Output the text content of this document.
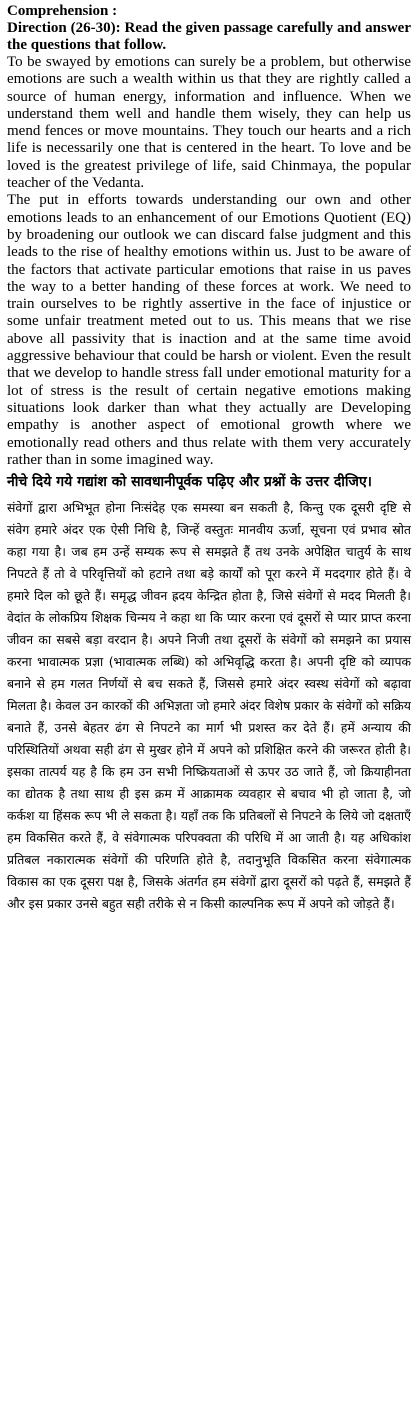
Comprehension :

Direction (26-30): Read the given passage carefully and answer the questions that follow.

To be swayed by emotions can surely be a problem, but otherwise emotions are such a wealth within us that they are rightly called a source of human energy, information and influence. When we understand them well and handle them wisely, they can help us mend fences or move mountains. They touch our hearts and a rich life is necessarily one that is centered in the heart. To love and be loved is the greatest privilege of life, said Chinmaya, the popular teacher of the Vedanta.

The put in efforts towards understanding our own and other emotions leads to an enhancement of our Emotions Quotient (EQ) by broadening our outlook we can discard false judgment and this leads to the rise of healthy emotions within us. Just to be aware of the factors that activate particular emotions that raise in us paves the way to a better handing of these forces at work. We need to train ourselves to be rightly assertive in the face of injustice or some unfair treatment meted out to us. This means that we rise above all passivity that is inaction and at the same time avoid aggressive behaviour that could be harsh or violent. Even the result that we develop to handle stress fall under emotional maturity for a lot of stress is the result of certain negative emotions making situations look darker than what they actually are Developing empathy is another aspect of emotional growth where we emotionally read others and thus relate with them very accurately rather than in some imagined way.

नीचे दिये गये गद्यांश को सावधानीपूर्वक पढ़िए और प्रश्नों के उत्तर दीजिए।

संवेगों द्वारा अभिभूत होना निःसंदेह एक समस्या बन सकती है, किन्तु एक दूसरी दृष्टि से संवेग हमारे अंदर एक ऐसी निधि है, जिन्हें वस्तुतः मानवीय ऊर्जा, सूचना एवं प्रभाव स्रोत कहा गया है। जब हम उन्हें सम्यक रूप से समझते हैं तथ उनके अपेक्षित चातुर्य के साथ निपटते हैं तो वे परिवृत्तियों को हटाने तथा बड़े कार्यों को पूरा करने में मददगार होते हैं। वे हमारे दिल को छूते हैं। समृद्ध जीवन ह्रदय केन्द्रित होता है, जिसे संवेगों से मदद मिलती है। वेदांत के लोकप्रिय शिक्षक चिन्मय ने कहा था कि प्यार करना एवं दूसरों से प्यार प्राप्त करना जीवन का सबसे बड़ा वरदान है। अपने निजी तथा दूसरों के संवेगों को समझने का प्रयास करना भावात्मक प्रज्ञा (भावात्मक लब्धि) को अभिवृद्धि करता है। अपनी दृष्टि को व्यापक बनाने से हम गलत निर्णयों से बच सकते हैं, जिससे हमारे अंदर स्वस्थ संवेगों को बढ़ावा मिलता है। केवल उन कारकों की अभिज्ञता जो हमारे अंदर विशेष प्रकार के संवेगों को सक्रिय बनाते हैं, उनसे बेहतर ढंग से निपटने का मार्ग भी प्रशस्त कर देते हैं। हमें अन्याय की परिस्थितियों अथवा सही ढंग से मुखर होने में अपने को प्रशिक्षित करने की जरूरत होती है। इसका तात्पर्य यह है कि हम उन सभी निष्क्रियताओं से ऊपर उठ जाते हैं, जो क्रियाहीनता का द्योतक है तथा साथ ही इस क्रम में आक्रामक व्यवहार से बचाव भी हो जाता है, जो कर्कश या हिंसक रूप भी ले सकता है। यहाँ तक कि प्रतिबलों से निपटने के लिये जो दक्षताएँ हम विकसित करते हैं, वे संवेगात्मक परिपक्वता की परिधि में आ जाती है। यह अधिकांश प्रतिबल नकारात्मक संवेगों की परिणति होते है, तदानुभूति विकसित करना संवेगात्मक विकास का एक दूसरा पक्ष है, जिसके अंतर्गत हम संवेगों द्वारा दूसरों को पढ़ते हैं, समझते हैं और इस प्रकार उनसे बहुत सही तरीके से न किसी काल्पनिक रूप में अपने को जोड़ते हैं।
